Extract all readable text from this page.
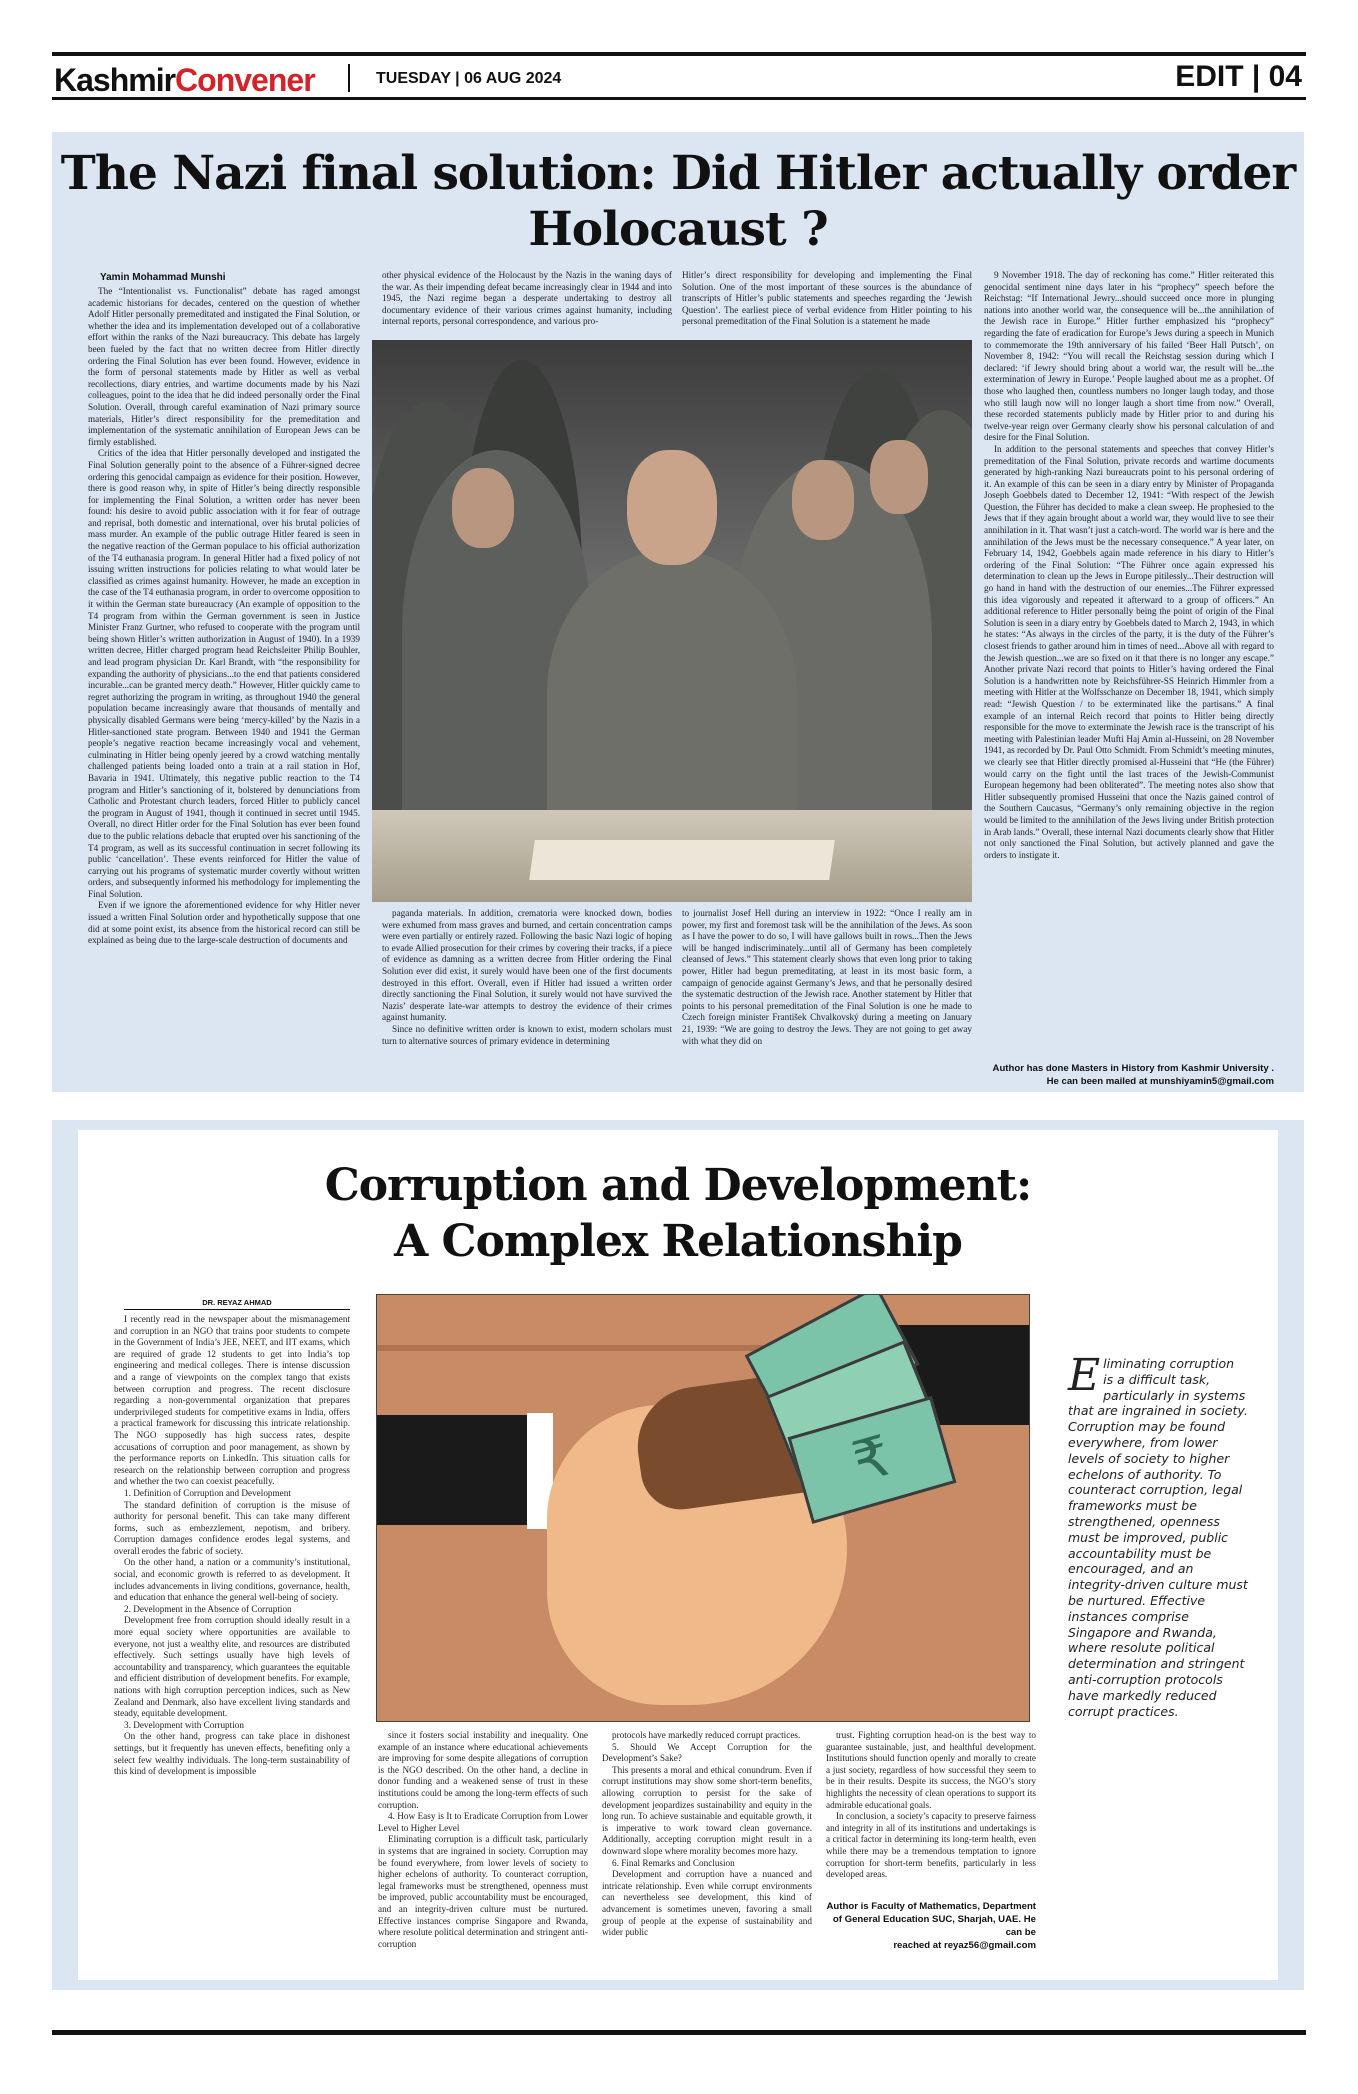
KashmirConvener	TUESDAY | 06 AUG 2024	EDIT | 04
The Nazi final solution: Did Hitler actually order Holocaust ?
Yamin Mohammad Munshi

The “Intentionalist vs. Functionalist” debate has raged amongst academic historians for decades, centered on the question of whether Adolf Hitler personally premeditated and instigated the Final Solution, or whether the idea and its implementation developed out of a collaborative effort within the ranks of the Nazi bureaucracy. This debate has largely been fueled by the fact that no written decree from Hitler directly ordering the Final Solution has ever been found. However, evidence in the form of personal statements made by Hitler as well as verbal recollections, diary entries, and wartime documents made by his Nazi colleagues, point to the idea that he did indeed personally order the Final Solution. Overall, through careful examination of Nazi primary source materials, Hitler’s direct responsibility for the premeditation and implementation of the systematic annihilation of European Jews can be firmly established.

Critics of the idea that Hitler personally developed and instigated the Final Solution generally point to the absence of a Führer-signed decree ordering this genocidal campaign as evidence for their position. However, there is good reason why, in spite of Hitler’s being directly responsible for implementing the Final Solution, a written order has never been found: his desire to avoid public association with it for fear of outrage and reprisal, both domestic and international, over his brutal policies of mass murder. An example of the public outrage Hitler feared is seen in the negative reaction of the German populace to his official authorization of the T4 euthanasia program. In general Hitler had a fixed policy of not issuing written instructions for policies relating to what would later be classified as crimes against humanity. However, he made an exception in the case of the T4 euthanasia program, in order to overcome opposition to it within the German state bureaucracy (An example of opposition to the T4 program from within the German government is seen in Justice Minister Franz Gurtner, who refused to cooperate with the program until being shown Hitler’s written authorization in August of 1940). In a 1939 written decree, Hitler charged program head Reichsleiter Philip Bouhler, and lead program physician Dr. Karl Brandt, with “the responsibility for expanding the authority of physicians...to the end that patients considered incurable...can be granted mercy death.” However, Hitler quickly came to regret authorizing the program in writing, as throughout 1940 the general population became increasingly aware that thousands of mentally and physically disabled Germans were being ‘mercy-killed’ by the Nazis in a Hitler-sanctioned state program. Between 1940 and 1941 the German people’s negative reaction became increasingly vocal and vehement, culminating in Hitler being openly jeered by a crowd watching mentally challenged patients being loaded onto a train at a rail station in Hof, Bavaria in 1941. Ultimately, this negative public reaction to the T4 program and Hitler’s sanctioning of it, bolstered by denunciations from Catholic and Protestant church leaders, forced Hitler to publicly cancel the program in August of 1941, though it continued in secret until 1945. Overall, no direct Hitler order for the Final Solution has ever been found due to the public relations debacle that erupted over his sanctioning of the T4 program, as well as its successful continuation in secret following its public ‘cancellation’. These events reinforced for Hitler the value of carrying out his programs of systematic murder covertly without written orders, and subsequently informed his methodology for implementing the Final Solution.

Even if we ignore the aforementioned evidence for why Hitler never issued a written Final Solution order and hypothetically suppose that one did at some point exist, its absence from the historical record can still be explained as being due to the large-scale destruction of documents and

other physical evidence of the Holocaust by the Nazis in the waning days of the war. As their impending defeat became increasingly clear in 1944 and into 1945, the Nazi regime began a desperate undertaking to destroy all documentary evidence of their various crimes against humanity, including internal reports, personal correspondence, and various pro-
Hitler’s direct responsibility for developing and implementing the Final Solution. One of the most important of these sources is the abundance of transcripts of Hitler’s public statements and speeches regarding the ‘Jewish Question’. The earliest piece of verbal evidence from Hitler pointing to his personal premeditation of the Final Solution is a statement he made

paganda materials. In addition, crematoria were knocked down, bodies were exhumed from mass graves and burned, and certain concentration camps were even partially or entirely razed. Following the basic Nazi logic of hoping to evade Allied prosecution for their crimes by covering their tracks, if a piece of evidence as damning as a written decree from Hitler ordering the Final Solution ever did exist, it surely would have been one of the first documents destroyed in this effort. Overall, even if Hitler had issued a written order directly sanctioning the Final Solution, it surely would not have survived the Nazis’ desperate late-war attempts to destroy the evidence of their crimes against humanity.

Since no definitive written order is known to exist, modern scholars must turn to alternative sources of primary evidence in determining

to journalist Josef Hell during an interview in 1922: “Once I really am in power, my first and foremost task will be the annihilation of the Jews. As soon as I have the power to do so, I will have gallows built in rows...Then the Jews will be hanged indiscriminately...until all of Germany has been completely cleansed of Jews.” This statement clearly shows that even long prior to taking power, Hitler had begun premeditating, at least in its most basic form, a campaign of genocide against Germany’s Jews, and that he personally desired the systematic destruction of the Jewish race. Another statement by Hitler that points to his personal premeditation of the Final Solution is one he made to Czech foreign minister František Chvalkovský during a meeting on January 21, 1939: “We are going to destroy the Jews. They are not going to get away with what they did on

9 November 1918. The day of reckoning has come.” Hitler reiterated this genocidal sentiment nine days later in his “prophecy” speech before the Reichstag: “If International Jewry...should succeed once more in plunging nations into another world war, the consequence will be...the annihilation of the Jewish race in Europe.” Hitler further emphasized his “prophecy” regarding the fate of eradication for Europe’s Jews during a speech in Munich to commemorate the 19th anniversary of his failed ‘Beer Hall Putsch’, on November 8, 1942: “You will recall the Reichstag session during which I declared: ‘if Jewry should bring about a world war, the result will be...the extermination of Jewry in Europe.’ People laughed about me as a prophet. Of those who laughed then, countless numbers no longer laugh today, and those who still laugh now will no longer laugh a short time from now.” Overall, these recorded statements publicly made by Hitler prior to and during his twelve-year reign over Germany clearly show his personal calculation of and desire for the Final Solution.

In addition to the personal statements and speeches that convey Hitler’s premeditation of the Final Solution, private records and wartime documents generated by high-ranking Nazi bureaucrats point to his personal ordering of it. An example of this can be seen in a diary entry by Minister of Propaganda Joseph Goebbels dated to December 12, 1941: “With respect of the Jewish Question, the Führer has decided to make a clean sweep. He prophesied to the Jews that if they again brought about a world war, they would live to see their annihilation in it. That wasn’t just a catch-word. The world war is here and the annihilation of the Jews must be the necessary consequence.” A year later, on February 14, 1942, Goebbels again made reference in his diary to Hitler’s ordering of the Final Solution: “The Führer once again expressed his determination to clean up the Jews in Europe pitilessly...Their destruction will go hand in hand with the destruction of our enemies...The Führer expressed this idea vigorously and repeated it afterward to a group of officers.” An additional reference to Hitler personally being the point of origin of the Final Solution is seen in a diary entry by Goebbels dated to March 2, 1943, in which he states: “As always in the circles of the party, it is the duty of the Führer’s closest friends to gather around him in times of need...Above all with regard to the Jewish question...we are so fixed on it that there is no longer any escape.” Another private Nazi record that points to Hitler’s having ordered the Final Solution is a handwritten note by Reichsführer-SS Heinrich Himmler from a meeting with Hitler at the Wolfsschanze on December 18, 1941, which simply read: “Jewish Question / to be exterminated like the partisans.” A final example of an internal Reich record that points to Hitler being directly responsible for the move to exterminate the Jewish race is the transcript of his meeting with Palestinian leader Mufti Haj Amin al-Husseini, on 28 November 1941, as recorded by Dr. Paul Otto Schmidt. From Schmidt’s meeting minutes, we clearly see that Hitler directly promised al-Husseini that “He (the Führer) would carry on the fight until the last traces of the Jewish-Communist European hegemony had been obliterated”. The meeting notes also show that Hitler subsequently promised Husseini that once the Nazis gained control of the Southern Caucasus, “Germany’s only remaining objective in the region would be limited to the annihilation of the Jews living under British protection in Arab lands.” Overall, these internal Nazi documents clearly show that Hitler not only sanctioned the Final Solution, but actively planned and gave the orders to instigate it.

Author has done Masters in History from Kashmir University .
He can been mailed at munshiyamin5@gmail.com
Corruption and Development:
A Complex Relationship
DR. REYAZ AHMAD

I recently read in the newspaper about the mismanagement and corruption in an NGO that trains poor students to compete in the Government of India’s JEE, NEET, and IIT exams, which are required of grade 12 students to get into India’s top engineering and medical colleges. There is intense discussion and a range of viewpoints on the complex tango that exists between corruption and progress. The recent disclosure regarding a non-governmental organization that prepares underprivileged students for competitive exams in India, offers a practical framework for discussing this intricate relationship. The NGO supposedly has high success rates, despite accusations of corruption and poor management, as shown by the performance reports on LinkedIn. This situation calls for research on the relationship between corruption and progress and whether the two can coexist peacefully.

1. Definition of Corruption and Development

The standard definition of corruption is the misuse of authority for personal benefit. This can take many different forms, such as embezzlement, nepotism, and bribery. Corruption damages confidence erodes legal systems, and overall erodes the fabric of society.

On the other hand, a nation or a community’s institutional, social, and economic growth is referred to as development. It includes advancements in living conditions, governance, health, and education that enhance the general well-being of society.

2. Development in the Absence of Corruption

Development free from corruption should ideally result in a more equal society where opportunities are available to everyone, not just a wealthy elite, and resources are distributed effectively. Such settings usually have high levels of accountability and transparency, which guarantees the equitable and efficient distribution of development benefits. For example, nations with high corruption perception indices, such as New Zealand and Denmark, also have excellent living standards and steady, equitable development.

3. Development with Corruption

On the other hand, progress can take place in dishonest settings, but it frequently has uneven effects, benefiting only a select few wealthy individuals. The long-term sustainability of this kind of development is impossible

₹
Eliminating corruption is a difficult task, particularly in systems that are ingrained in society. Corruption may be found everywhere, from lower levels of society to higher echelons of authority. To counteract corruption, legal frameworks must be strengthened, openness must be improved, public accountability must be encouraged, and an integrity-driven culture must be nurtured. Effective instances comprise Singapore and Rwanda, where resolute political determination and stringent anti-corruption protocols have markedly reduced corrupt practices.

since it fosters social instability and inequality. One example of an instance where educational achievements are improving for some despite allegations of corruption is the NGO described. On the other hand, a decline in donor funding and a weakened sense of trust in these institutions could be among the long-term effects of such corruption.

4. How Easy is It to Eradicate Corruption from Lower Level to Higher Level

Eliminating corruption is a difficult task, particularly in systems that are ingrained in society. Corruption may be found everywhere, from lower levels of society to higher echelons of authority. To counteract corruption, legal frameworks must be strengthened, openness must be improved, public accountability must be encouraged, and an integrity-driven culture must be nurtured. Effective instances comprise Singapore and Rwanda, where resolute political determination and stringent anti-corruption

protocols have markedly reduced corrupt practices.

5. Should We Accept Corruption for the Development’s Sake?

This presents a moral and ethical conundrum. Even if corrupt institutions may show some short-term benefits, allowing corruption to persist for the sake of development jeopardizes sustainability and equity in the long run. To achieve sustainable and equitable growth, it is imperative to work toward clean governance. Additionally, accepting corruption might result in a downward slope where morality becomes more hazy.

6. Final Remarks and Conclusion

Development and corruption have a nuanced and intricate relationship. Even while corrupt environments can nevertheless see development, this kind of advancement is sometimes uneven, favoring a small group of people at the expense of sustainability and wider public

trust. Fighting corruption head-on is the best way to guarantee sustainable, just, and healthful development. Institutions should function openly and morally to create a just society, regardless of how successful they seem to be in their results. Despite its success, the NGO’s story highlights the necessity of clean operations to support its admirable educational goals.

In conclusion, a society’s capacity to preserve fairness and integrity in all of its institutions and undertakings is a critical factor in determining its long-term health, even while there may be a tremendous temptation to ignore corruption for short-term benefits, particularly in less developed areas.

Author is Faculty of Mathematics, Department
of General Education SUC, Sharjah, UAE. He can be
reached at reyaz56@gmail.com
